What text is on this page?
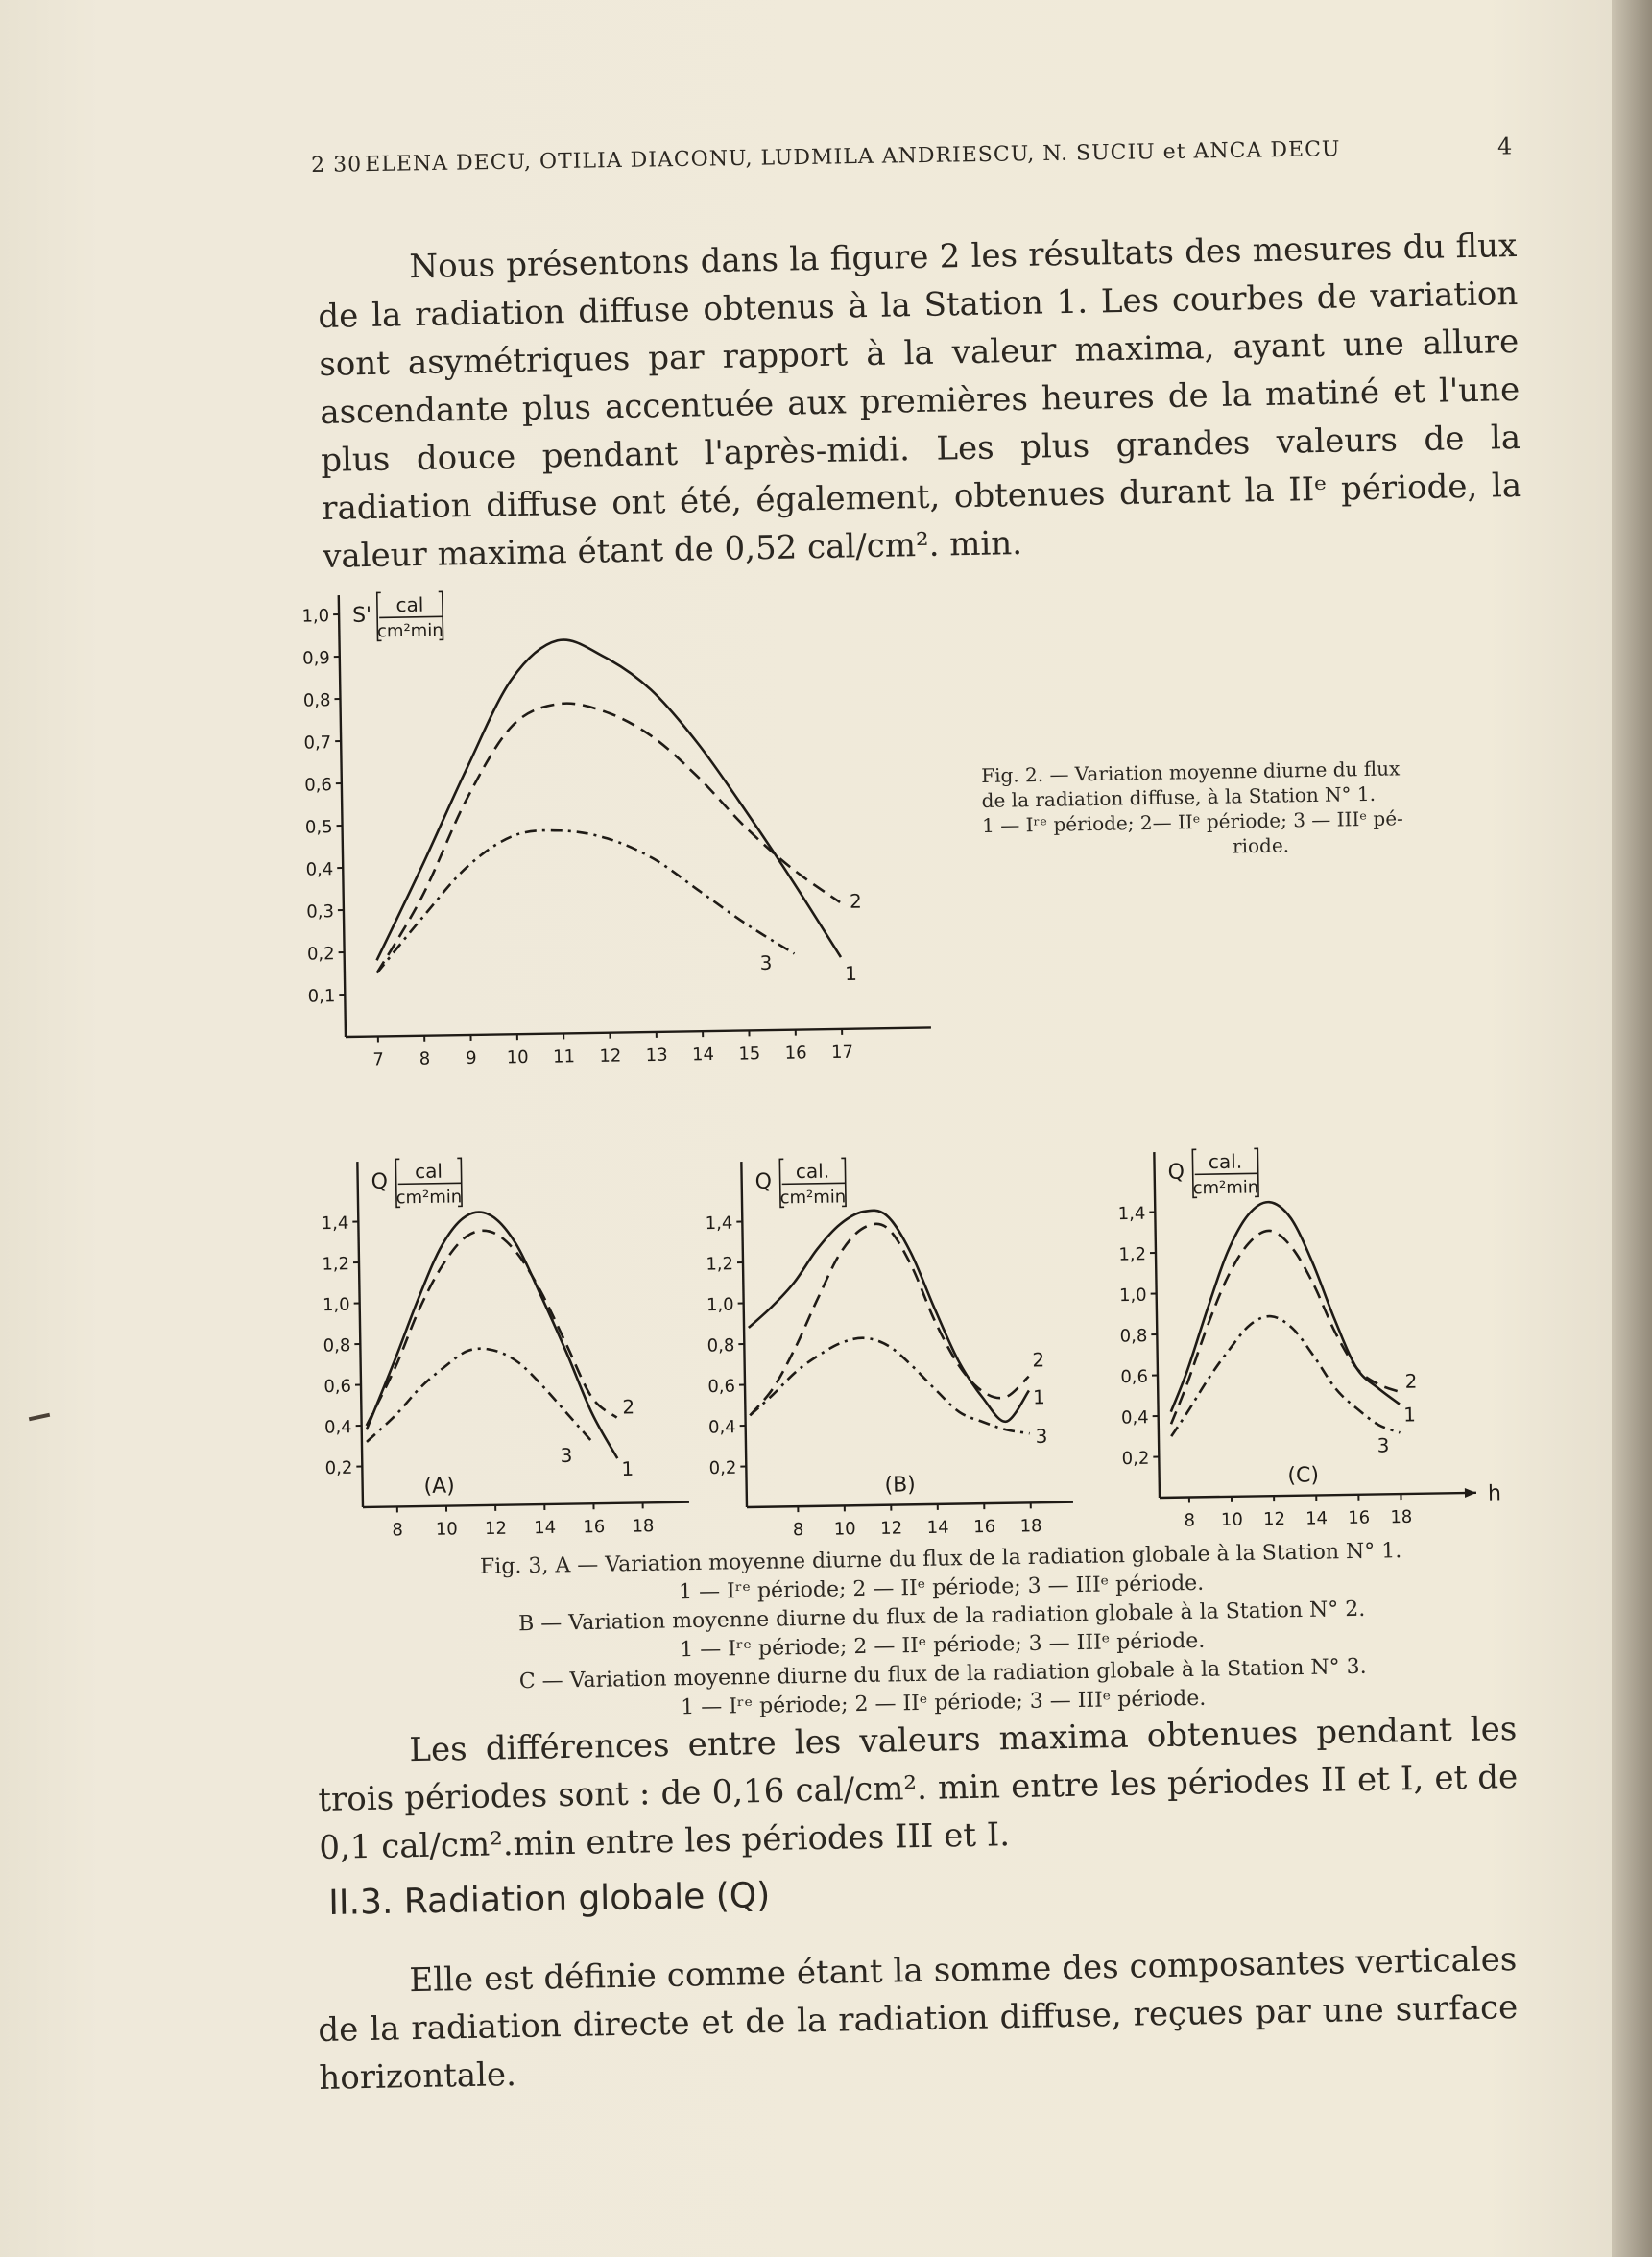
2 30 ELENA DECU, OTILIA DIACONU, LUDMILA ANDRIESCU, N. SUCIU et ANCA DECU	4

Nous présentons dans la figure 2 les résultats des mesures du flux de la radiation diffuse obtenus à la Station 1. Les courbes de variation sont asymétriques par rapport à la valeur maxima, ayant une allure ascendante plus accentuée aux premières heures de la matiné et l'une plus douce pendant l'après-midi. Les plus grandes valeurs de la radiation diffuse ont été, également, obtenues durant la IIᵉ période, la valeur maxima étant de 0,52 cal/cm². min.

0,1
0,2
0,3
0,4
0,5
0,6
0,7
0,8
0,9
1,0
7 8 9 10 11 12 13 14 15 16 17
S' cal
cm²min
1
2
3
Fig. 2. — Variation moyenne diurne du flux
de la radiation diffuse, à la Station N° 1.
1 — Iʳᵉ période; 2— IIᵉ période; 3 — IIIᵉ pé-
riode.
0,2
0,4
0,6
0,8
1,0
1,2
1,4
8 10 12 14 16 18
Q cal
cm²min
(A)
1
2
3
0,2
0,4
0,6
0,8
1,0
1,2
1,4
8 10 12 14 16 18
Q cal.
cm²min
(B)
1
2
3
h
0,2
0,4
0,6
0,8
1,0
1,2
1,4
8 10 12 14 16 18
Q cal.
cm²min
(C)
1
2
3
Fig. 3, A — Variation moyenne diurne du flux de la radiation globale à la Station N° 1.
1 — Iʳᵉ période; 2 — IIᵉ période; 3 — IIIᵉ période.
B — Variation moyenne diurne du flux de la radiation globale à la Station N° 2.
1 — Iʳᵉ période; 2 — IIᵉ période; 3 — IIIᵉ période.
C — Variation moyenne diurne du flux de la radiation globale à la Station N° 3.
1 — Iʳᵉ période; 2 — IIᵉ période; 3 — IIIᵉ période.

Les différences entre les valeurs maxima obtenues pendant les trois périodes sont : de 0,16 cal/cm². min entre les périodes II et I, et de 0,1 cal/cm².min entre les périodes III et I.

II.3. Radiation globale (Q)

Elle est définie comme étant la somme des composantes verticales de la radiation directe et de la radiation diffuse, reçues par une surface horizontale.
